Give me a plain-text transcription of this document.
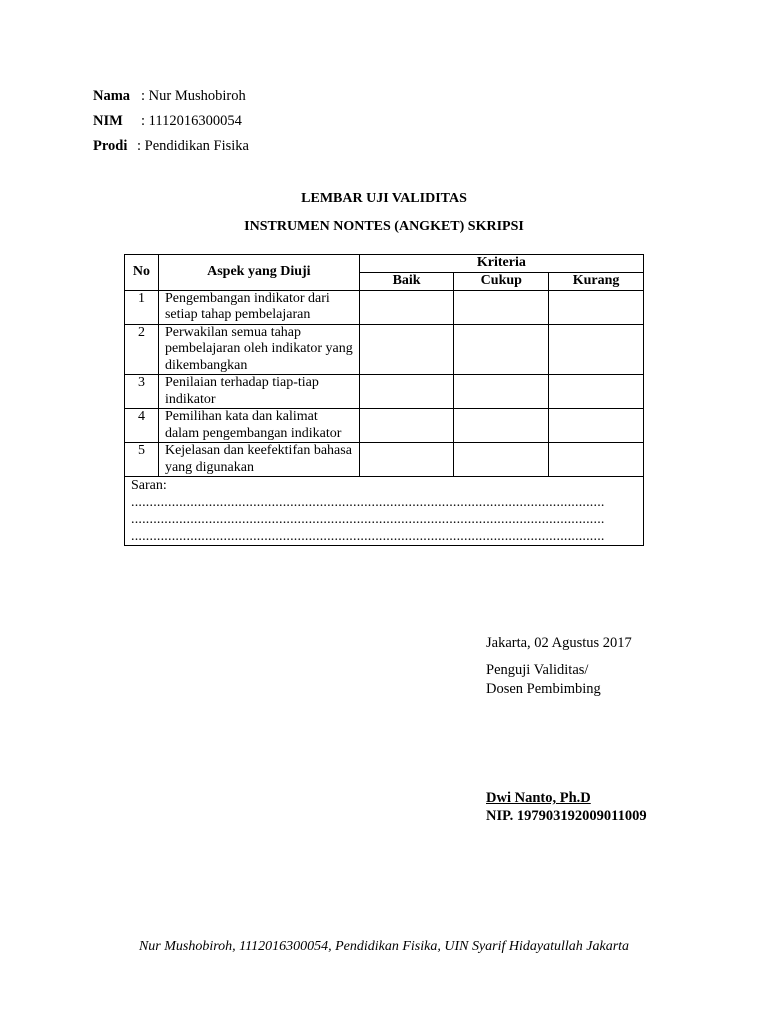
Nama : Nur Mushobiroh
NIM : 1112016300054
Prodi : Pendidikan Fisika
LEMBAR UJI VALIDITAS
INSTRUMEN NONTES (ANGKET) SKRIPSI
No	Aspek yang Diuji	Kriteria		
		Baik	Cukup	Kurang
1	Pengembangan indikator dari setiap tahap pembelajaran			
2	Perwakilan semua tahap pembelajaran oleh indikator yang dikembangkan			
3	Penilaian terhadap tiap-tiap indikator			
4	Pemilihan kata dan kalimat dalam pengembangan indikator			
5	Kejelasan dan keefektifan bahasa yang digunakan			

Saran:
................................................................................................................................
................................................................................................................................
................................................................................................................................				
Jakarta, 02 Agustus 2017
Penguji Validitas/
Dosen Pembimbing
Dwi Nanto, Ph.D
NIP. 197903192009011009
Nur Mushobiroh, 1112016300054, Pendidikan Fisika, UIN Syarif Hidayatullah Jakarta
